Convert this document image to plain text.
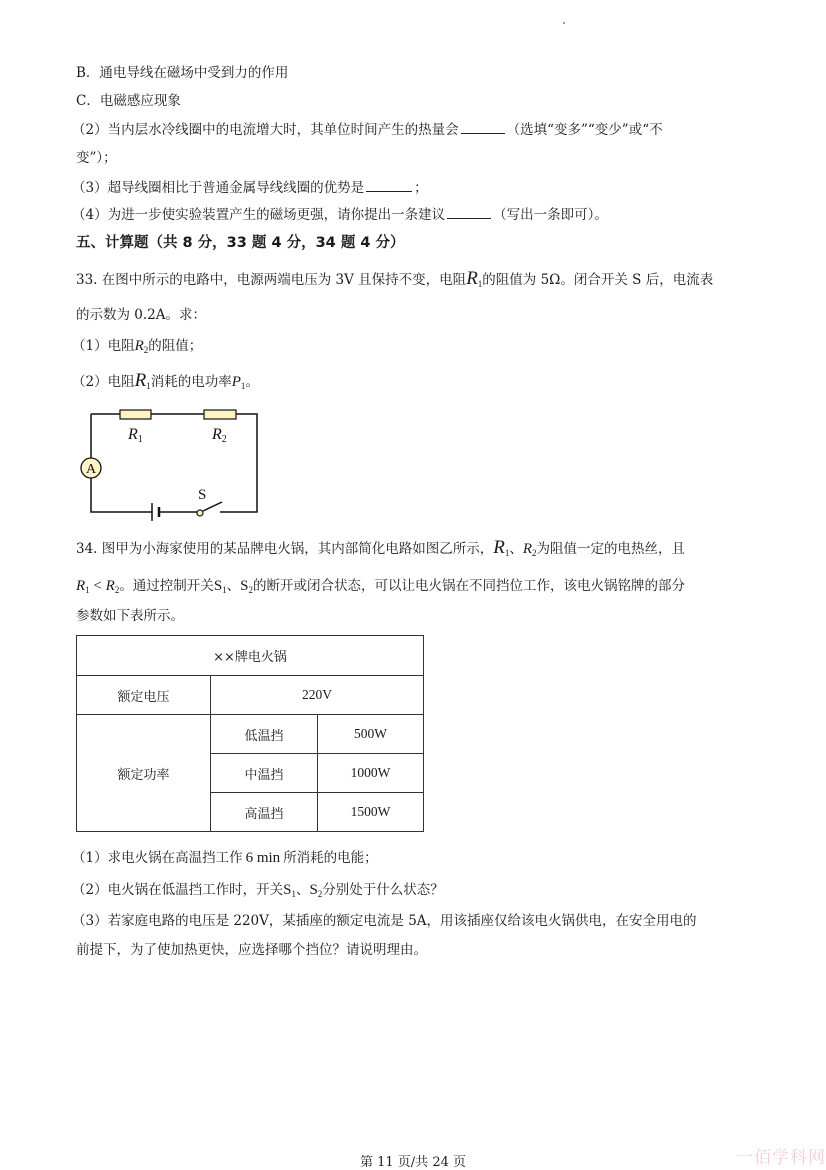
B．通电导线在磁场中受到力的作用
C．电磁感应现象
（2）当内层水冷线圈中的电流增大时，其单位时间产生的热量会	（选填“变多”“变少”或“不
变”）；
（3）超导线圈相比于普通金属导线线圈的优势是	；
（4）为进一步使实验装置产生的磁场更强，请你提出一条建议	（写出一条即可）。
五、计算题（共 8 分，33 题 4 分，34 题 4 分）
33. 在图中所示的电路中，电源两端电压为 3V 且保持不变，电阻$R_1$的阻值为 5Ω。闭合开关 S 后，电流表
的示数为 0.2A。求：
（1）电阻$R_2$的阻值；
（2）电阻$R_1$消耗的电功率$P_1$。
R1	R2
A
S
34. 图甲为小海家使用的某品牌电火锅，其内部简化电路如图乙所示，$R_1$、$R_2$为阻值一定的电热丝，且
$R_1 < R_2$。通过控制开关$S_1$、$S_2$的断开或闭合状态，可以让电火锅在不同挡位工作，该电火锅铭牌的部分
参数如下表所示。
××牌电火锅		
额定电压	220V	
额定功率	低温挡	500W
	中温挡	1000W
	高温挡	1500W
（1）求电火锅在高温挡工作 6 min 所消耗的电能；
（2）电火锅在低温挡工作时，开关$S_1$、$S_2$分别处于什么状态？
（3）若家庭电路的电压是 220V，某插座的额定电流是 5A，用该插座仅给该电火锅供电，在安全用电的
前提下，为了使加热更快，应选择哪个挡位？请说明理由。
第 11 页/共 24 页	一佰学科网
